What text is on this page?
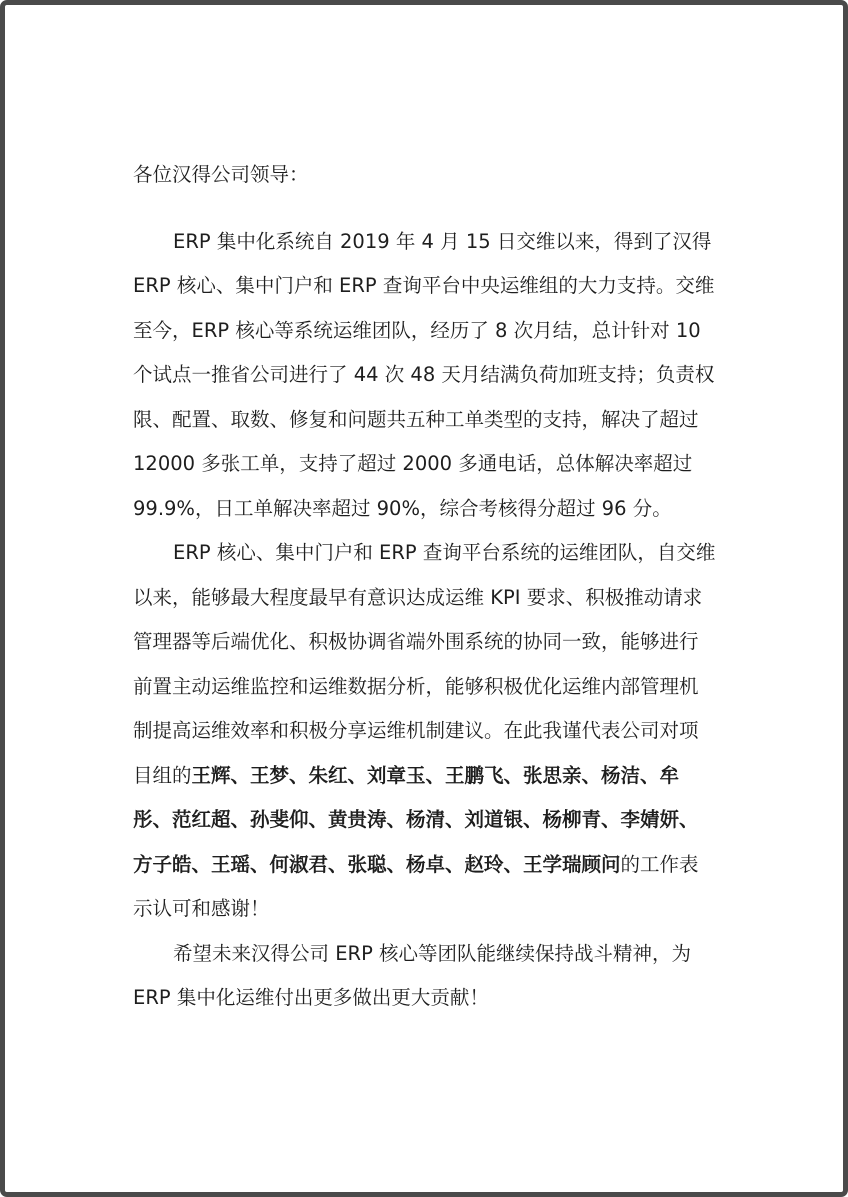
各位汉得公司领导：
ERP 集中化系统自 2019 年 4 月 15 日交维以来，得到了汉得
ERP 核心、集中门户和 ERP 查询平台中央运维组的大力支持。交维
至今，ERP 核心等系统运维团队，经历了 8 次月结，总计针对 10
个试点一推省公司进行了 44 次 48 天月结满负荷加班支持；负责权
限、配置、取数、修复和问题共五种工单类型的支持，解决了超过
12000 多张工单，支持了超过 2000 多通电话，总体解决率超过
99.9%，日工单解决率超过 90%，综合考核得分超过 96 分。
ERP 核心、集中门户和 ERP 查询平台系统的运维团队，自交维
以来，能够最大程度最早有意识达成运维 KPI 要求、积极推动请求
管理器等后端优化、积极协调省端外围系统的协同一致，能够进行
前置主动运维监控和运维数据分析，能够积极优化运维内部管理机
制提高运维效率和积极分享运维机制建议。在此我谨代表公司对项
目组的王辉、王梦、朱红、刘章玉、王鹏飞、张思亲、杨洁、牟
彤、范红超、孙斐仰、黄贵涛、杨清、刘道银、杨柳青、李婧妍、
方子皓、王瑶、何淑君、张聪、杨卓、赵玲、王学瑞顾问的工作表
示认可和感谢！
希望未来汉得公司 ERP 核心等团队能继续保持战斗精神，为
ERP 集中化运维付出更多做出更大贡献！
